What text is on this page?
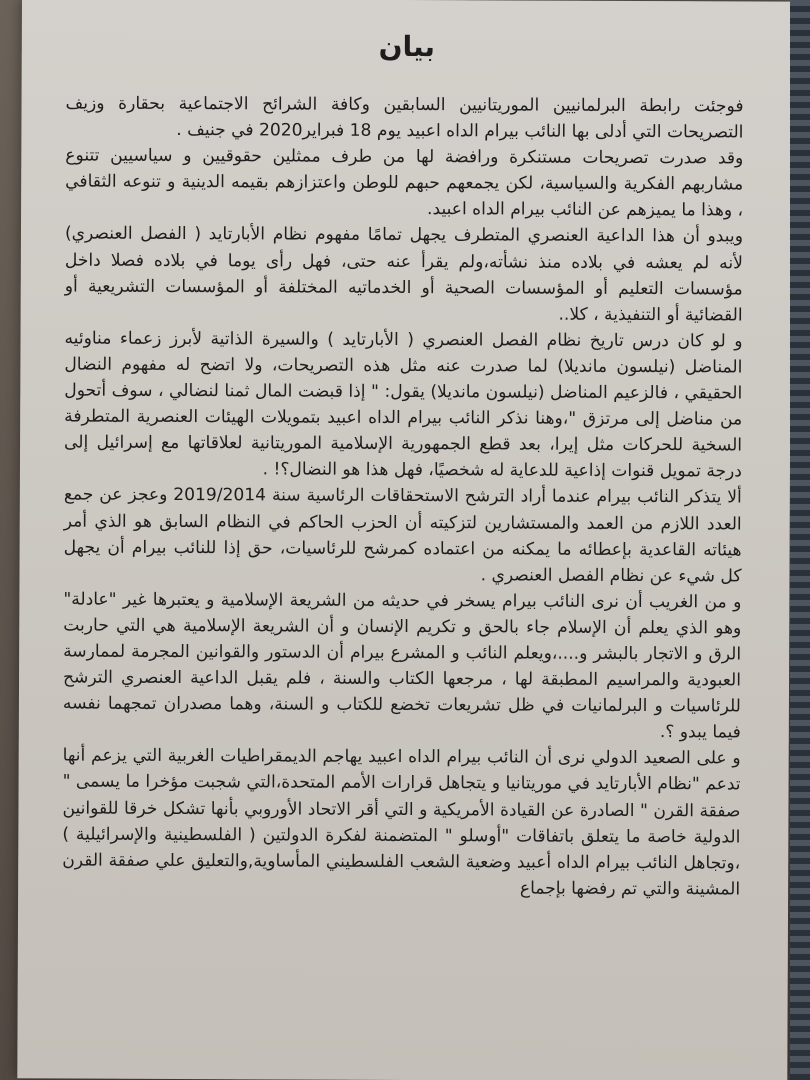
بيان

فوجئت رابطة البرلمانيين الموريتانيين السابقين وكافة الشرائح الاجتماعية بحقارة وزيف التصريحات التي أدلى بها النائب بيرام الداه اعبيد يوم 18 فبراير2020 في جنيف .

وقد صدرت تصريحات مستنكرة ورافضة لها من طرف ممثلين حقوقيين و سياسيين تتنوع مشاربهم الفكرية والسياسية، لكن يجمعهم حبهم للوطن واعتزازهم بقيمه الدينية و تنوعه الثقافي ، وهذا ما يميزهم عن النائب بيرام الداه اعبيد.

ويبدو أن هذا الداعية العنصري المتطرف يجهل تمامًا مفهوم نظام الأبارتايد ( الفصل العنصري) لأنه لم يعشه في بلاده منذ نشأته،ولم يقرأ عنه حتى، فهل رأى يوما في بلاده فصلا داخل مؤسسات التعليم أو المؤسسات الصحية أو الخدماتيه المختلفة أو المؤسسات التشريعية أو القضائية أو التنفيذية ، كلا..

و لو كان درس تاريخ نظام الفصل العنصري ( الأبارتايد ) والسيرة الذاتية لأبرز زعماء مناوئيه المناضل (نيلسون مانديلا) لما صدرت عنه مثل هذه التصريحات، ولا اتضح له مفهوم النضال الحقيقي ، فالزعيم المناضل (نيلسون مانديلا) يقول: " إذا قبضت المال ثمنا لنضالي ، سوف أتحول من مناضل إلى مرتزق "،وهنا نذكر النائب بيرام الداه اعبيد بتمويلات الهيئات العنصرية المتطرفة السخية للحركات مثل إيرا، بعد قطع الجمهورية الإسلامية الموريتانية لعلاقاتها مع إسرائيل إلى درجة تمويل قنوات إذاعية للدعاية له شخصيًا، فهل هذا هو النضال؟! .

ألا يتذكر النائب بيرام عندما أراد الترشح الاستحقاقات الرئاسية سنة 2019/2014 وعجز عن جمع العدد اللازم من العمد والمستشارين لتزكيته أن الحزب الحاكم في النظام السابق هو الذي أمر هيئاته القاعدية بإعطائه ما يمكنه من اعتماده كمرشح للرئاسيات، حق إذا للنائب بيرام أن يجهل كل شيء عن نظام الفصل العنصري .

و من الغريب أن نرى النائب بيرام يسخر في حديثه من الشريعة الإسلامية و يعتبرها غير "عادلة" وهو الذي يعلم أن الإسلام جاء بالحق و تكريم الإنسان و أن الشريعة الإسلامية هي التي حاربت الرق و الاتجار بالبشر و....،ويعلم النائب و المشرع بيرام أن الدستور والقوانين المجرمة لممارسة العبودية والمراسيم المطبقة لها ، مرجعها الكتاب والسنة ، فلم يقبل الداعية العنصري الترشح للرئاسيات و البرلمانيات في ظل تشريعات تخضع للكتاب و السنة، وهما مصدران تمجهما نفسه فيما يبدو ؟.

و على الصعيد الدولي نرى أن النائب بيرام الداه اعبيد يهاجم الديمقراطيات الغربية التي يزعم أنها تدعم "نظام الأبارتايد في موريتانيا و يتجاهل قرارات الأمم المتحدة،التي شجبت مؤخرا ما يسمى " صفقة القرن " الصادرة عن القيادة الأمريكية و التي أقر الاتحاد الأوروبي بأنها تشكل خرقا للقوانين الدولية خاصة ما يتعلق باتفاقات "أوسلو " المتضمنة لفكرة الدولتين ( الفلسطينية والإسرائيلية ) ،وتجاهل النائب بيرام الداه أعبيد وضعية الشعب الفلسطيني المأساوية,والتعليق علي صفقة القرن المشينة والتي تم رفضها بإجماع
